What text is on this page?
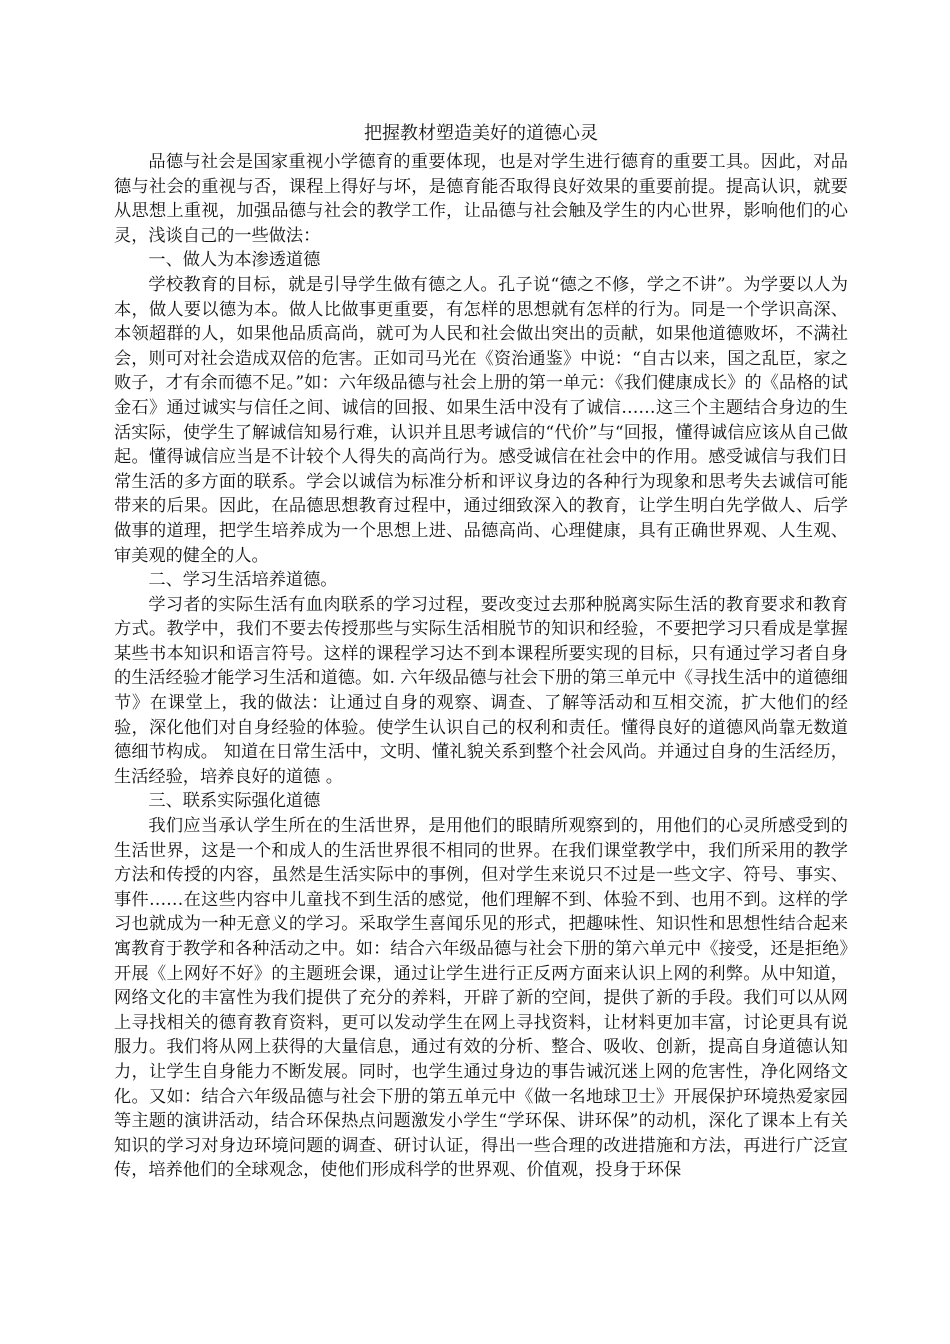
把握教材塑造美好的道德心灵

品德与社会是国家重视小学德育的重要体现，也是对学生进行德育的重要工具。因此，对品德与社会的重视与否，课程上得好与坏，是德育能否取得良好效果的重要前提。提高认识，就要从思想上重视，加强品德与社会的教学工作，让品德与社会触及学生的内心世界，影响他们的心灵，浅谈自己的一些做法：

一、做人为本渗透道德

学校教育的目标，就是引导学生做有德之人。孔子说“德之不修，学之不讲”。为学要以人为本，做人要以德为本。做人比做事更重要，有怎样的思想就有怎样的行为。同是一个学识高深、本领超群的人，如果他品质高尚，就可为人民和社会做出突出的贡献，如果他道德败坏，不满社会，则可对社会造成双倍的危害。正如司马光在《资治通鉴》中说：“自古以来，国之乱臣，家之败子，才有余而德不足。”如：六年级品德与社会上册的第一单元：《我们健康成长》的《品格的试金石》通过诚实与信任之间、诚信的回报、如果生活中没有了诚信……这三个主题结合身边的生活实际，使学生了解诚信知易行难，认识并且思考诚信的“代价”与“回报，懂得诚信应该从自己做起。懂得诚信应当是不计较个人得失的高尚行为。感受诚信在社会中的作用。感受诚信与我们日常生活的多方面的联系。学会以诚信为标准分析和评议身边的各种行为现象和思考失去诚信可能带来的后果。因此，在品德思想教育过程中，通过细致深入的教育，让学生明白先学做人、后学做事的道理，把学生培养成为一个思想上进、品德高尚、心理健康，具有正确世界观、人生观、审美观的健全的人。

二、学习生活培养道德。

学习者的实际生活有血肉联系的学习过程，要改变过去那种脱离实际生活的教育要求和教育方式。教学中，我们不要去传授那些与实际生活相脱节的知识和经验，不要把学习只看成是掌握某些书本知识和语言符号。这样的课程学习达不到本课程所要实现的目标，只有通过学习者自身的生活经验才能学习生活和道德。如. 六年级品德与社会下册的第三单元中《寻找生活中的道德细节》在课堂上，我的做法：让通过自身的观察、调查、了解等活动和互相交流，扩大他们的经验，深化他们对自身经验的体验。使学生认识自己的权利和责任。懂得良好的道德风尚靠无数道德细节构成。 知道在日常生活中，文明、懂礼貌关系到整个社会风尚。并通过自身的生活经历，生活经验，培养良好的道德 。

三、联系实际强化道德

我们应当承认学生所在的生活世界，是用他们的眼睛所观察到的，用他们的心灵所感受到的生活世界，这是一个和成人的生活世界很不相同的世界。在我们课堂教学中，我们所采用的教学方法和传授的内容，虽然是生活实际中的事例，但对学生来说只不过是一些文字、符号、事实、事件……在这些内容中儿童找不到生活的感觉，他们理解不到、体验不到、也用不到。这样的学习也就成为一种无意义的学习。采取学生喜闻乐见的形式，把趣味性、知识性和思想性结合起来寓教育于教学和各种活动之中。如：结合六年级品德与社会下册的第六单元中《接受，还是拒绝》开展《上网好不好》的主题班会课，通过让学生进行正反两方面来认识上网的利弊。从中知道，网络文化的丰富性为我们提供了充分的养料，开辟了新的空间，提供了新的手段。我们可以从网上寻找相关的德育教育资料，更可以发动学生在网上寻找资料，让材料更加丰富，讨论更具有说服力。我们将从网上获得的大量信息，通过有效的分析、整合、吸收、创新，提高自身道德认知力，让学生自身能力不断发展。同时，也学生通过身边的事告诫沉迷上网的危害性，净化网络文化。又如：结合六年级品德与社会下册的第五单元中《做一名地球卫士》开展保护环境热爱家园等主题的演讲活动，结合环保热点问题激发小学生“学环保、讲环保”的动机，深化了课本上有关知识的学习对身边环境问题的调查、研讨认证，得出一些合理的改进措施和方法，再进行广泛宣传，培养他们的全球观念，使他们形成科学的世界观、价值观，投身于环保
